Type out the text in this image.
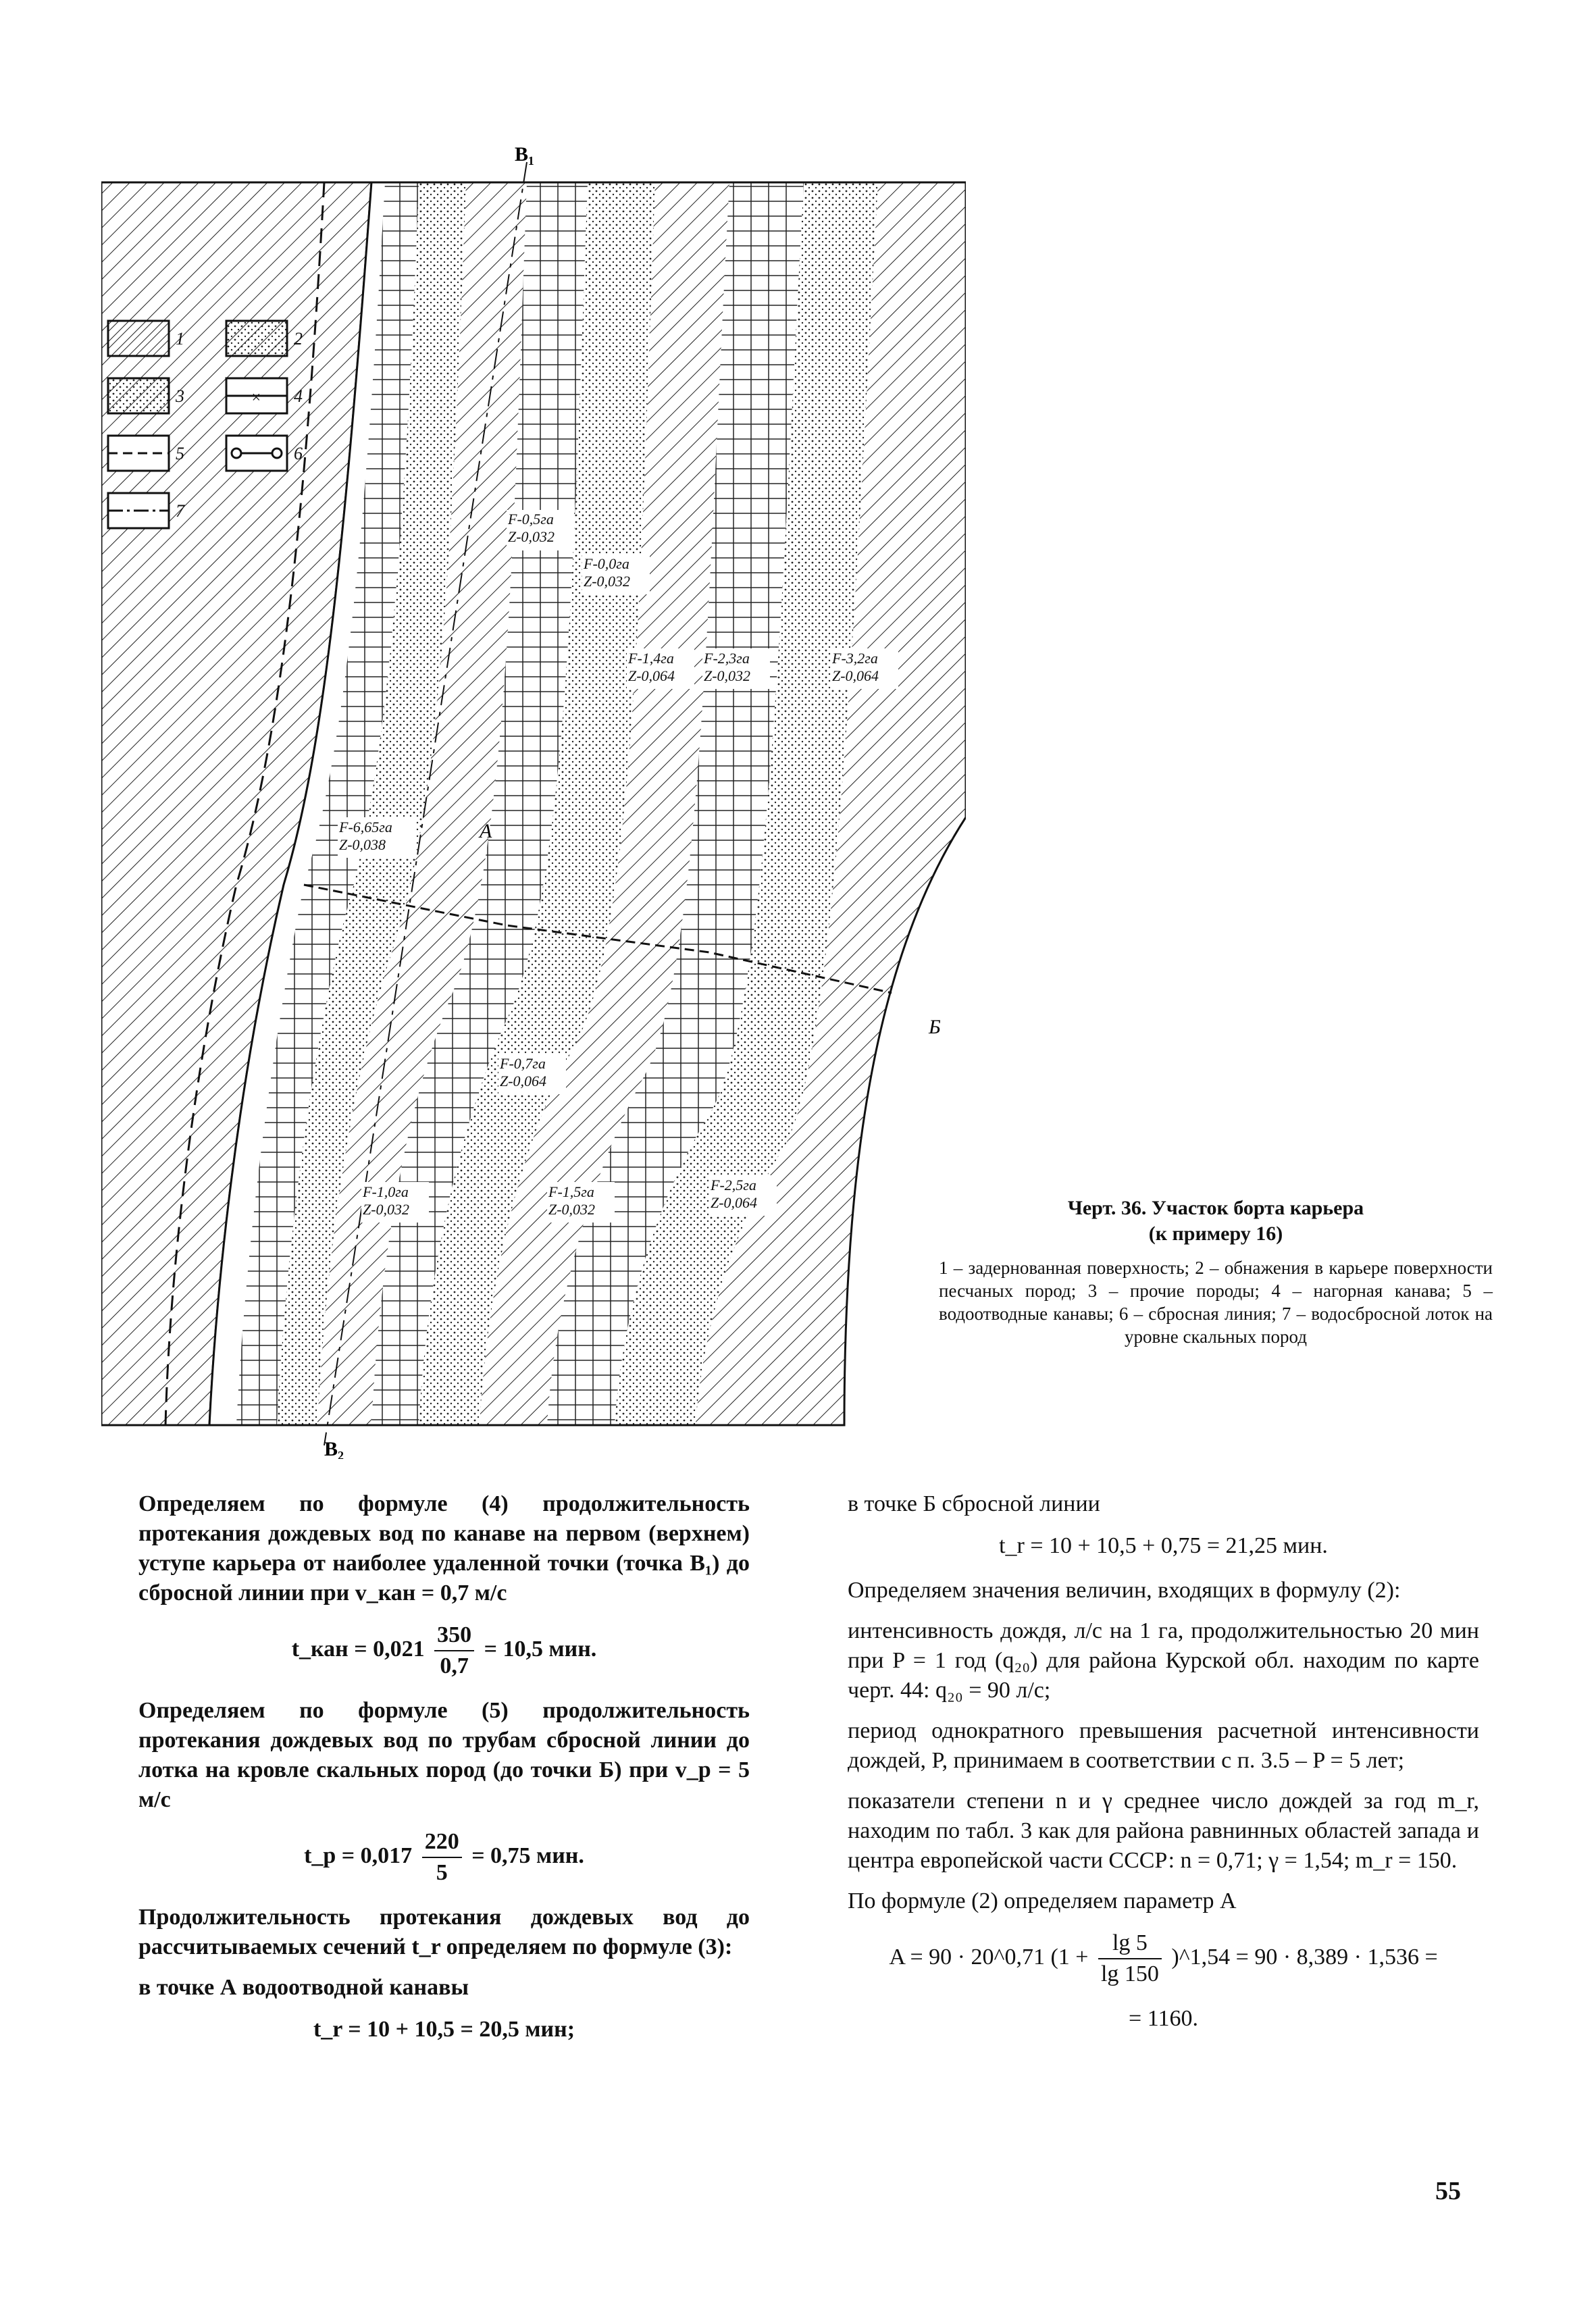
В₁
В₂
А
Б
F-0,5га
Z-0,032
F-0,0га
Z-0,032
F-1,4га
Z-0,064
F-2,3га
Z-0,032
F-3,2га
Z-0,064
F-6,65га
Z-0,038
F-0,7га
Z-0,064
F-1,0га
Z-0,032
F-1,5га
Z-0,032
F-2,5га
Z-0,064
1	2
3	× 4
5	6
7
Черт. 36. Участок борта карьера
(к примеру 16)
1 – задернованная поверхность; 2 – обнажения в карьере поверхности песчаных пород; 3 – прочие породы; 4 – нагорная канава; 5 – водоотводные канавы; 6 – сбросная линия; 7 – водосбросной лоток на уровне скальных пород

Определяем по формуле (4) продолжительность протекания дождевых вод по канаве на первом (верхнем) уступе карьера от наиболее удаленной точки (точка В₁) до сбросной линии при v_кан = 0,7 м/с

t_кан = $0,021 \frac{350}{0,7} = 10,5$ мин.

Определяем по формуле (5) продолжительность протекания дождевых вод по трубам сбросной линии до лотка на кровле скальных пород (до точки Б) при v_p = 5 м/с

t_p = $0,017 \frac{220}{5} = 0,75$ мин.

Продолжительность протекания дождевых вод до рассчитываемых сечений t_r определяем по формуле (3):

в точке А водоотводной канавы

t_r = 10 + 10,5 = 20,5 мин;

в точке Б сбросной линии

t_r = 10 + 10,5 + 0,75 = 21,25 мин.

Определяем значения величин, входящих в формулу (2):

интенсивность дождя, л/с на 1 га, продолжительностью 20 мин при P = 1 год (q₂₀) для района Курской обл. находим по карте черт. 44: q₂₀ = 90 л/с;

период однократного превышения расчетной интенсивности дождей, P, принимаем в соответствии с п. 3.5 – P = 5 лет;

показатели степени n и γ среднее число дождей за год m_r, находим по табл. 3 как для района равнинных областей запада и центра европейской части СССР: n = 0,71; γ = 1,54; m_r = 150.

По формуле (2) определяем параметр A

A = 90 · 20^0,71 ($1 + \frac{\lg 5}{\lg 150}$ )^1,54 = 90 · 8,389 · 1,536 =
= 1160.
55
